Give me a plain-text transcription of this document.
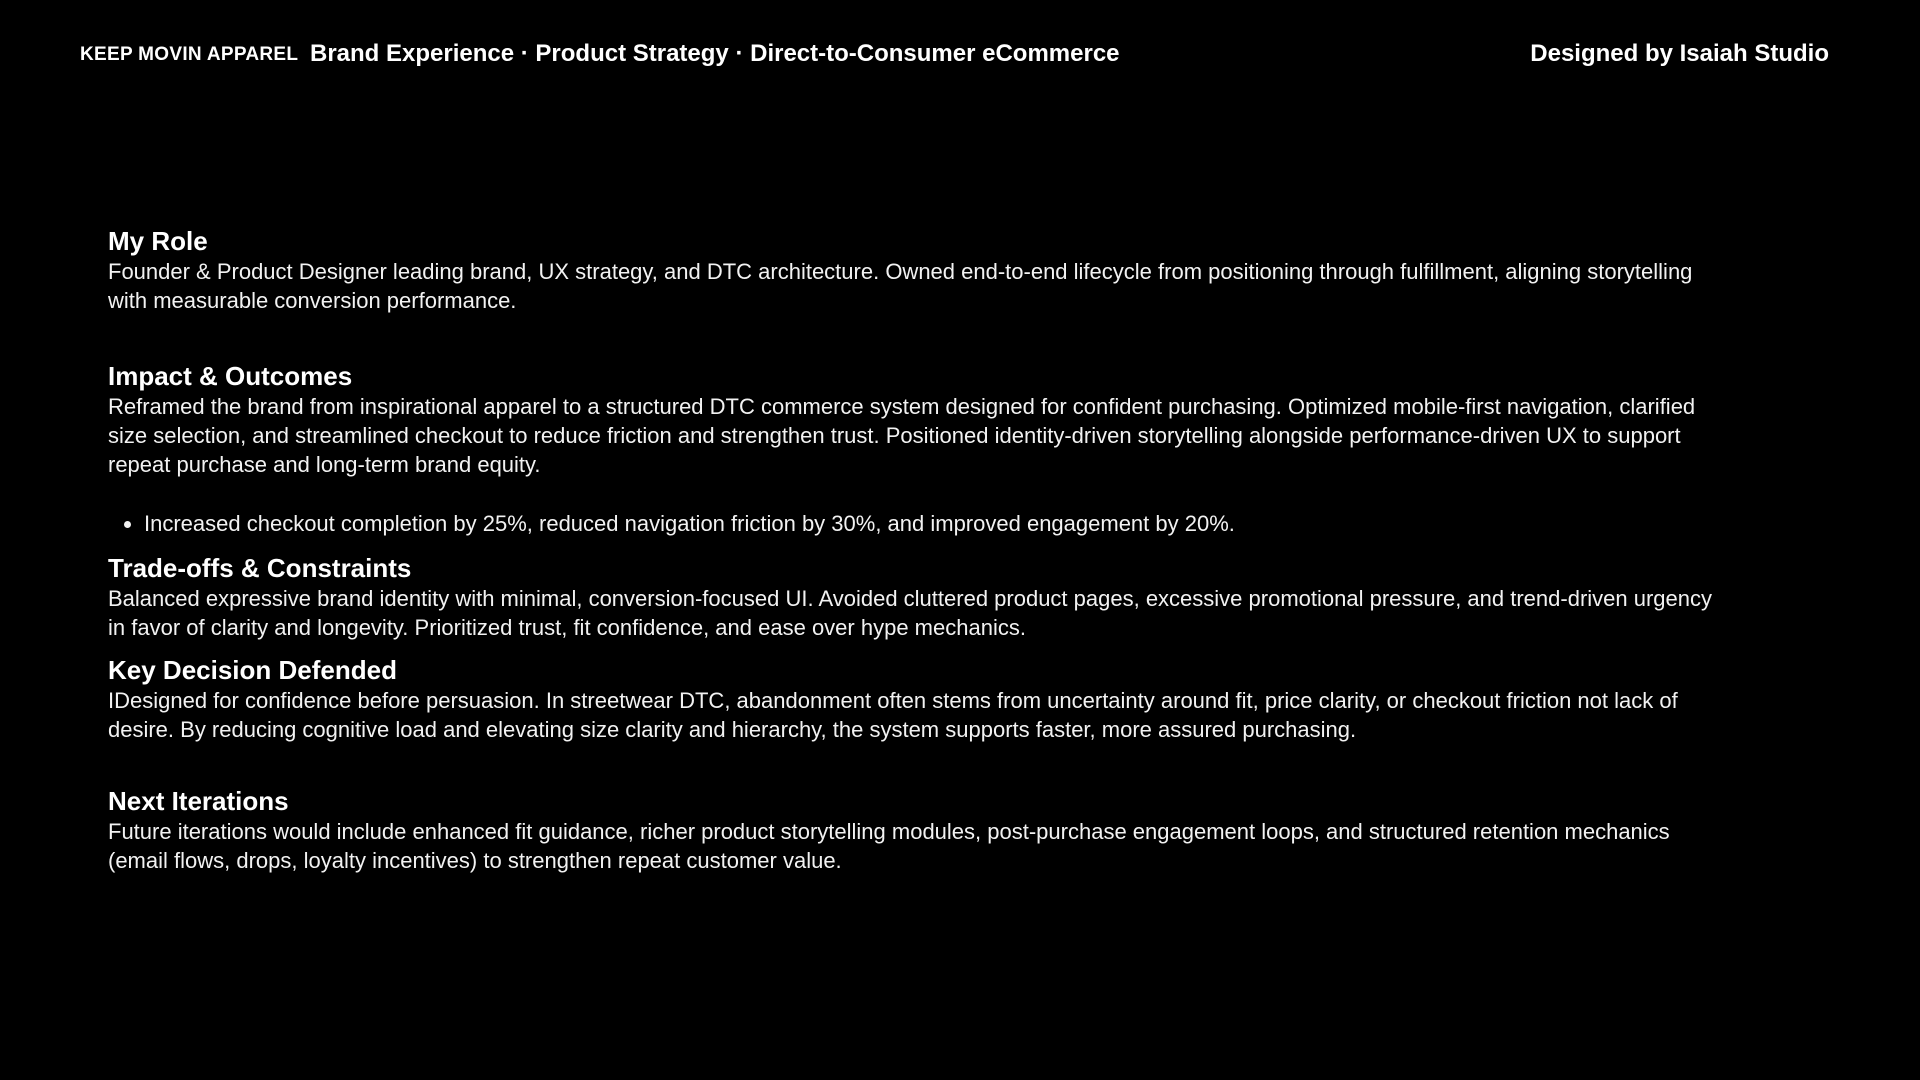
KEEP MOVIN APPAREL Brand Experience · Product Strategy · Direct-to-Consumer eCommerce	Designed by Isaiah Studio
My Role

Founder & Product Designer leading brand, UX strategy, and DTC architecture. Owned end-to-end lifecycle from positioning through fulfillment, aligning storytelling with measurable conversion performance.

Impact & Outcomes

Reframed the brand from inspirational apparel to a structured DTC commerce system designed for confident purchasing. Optimized mobile-first navigation, clarified size selection, and streamlined checkout to reduce friction and strengthen trust. Positioned identity-driven storytelling alongside performance-driven UX to support repeat purchase and long-term brand equity.

• Increased checkout completion by 25%, reduced navigation friction by 30%, and improved engagement by 20%.
Trade-offs & Constraints

Balanced expressive brand identity with minimal, conversion-focused UI. Avoided cluttered product pages, excessive promotional pressure, and trend-driven urgency in favor of clarity and longevity. Prioritized trust, fit confidence, and ease over hype mechanics.

Key Decision Defended

IDesigned for confidence before persuasion. In streetwear DTC, abandonment often stems from uncertainty around fit, price clarity, or checkout friction not lack of desire. By reducing cognitive load and elevating size clarity and hierarchy, the system supports faster, more assured purchasing.

Next Iterations

Future iterations would include enhanced fit guidance, richer product storytelling modules, post-purchase engagement loops, and structured retention mechanics (email flows, drops, loyalty incentives) to strengthen repeat customer value.
